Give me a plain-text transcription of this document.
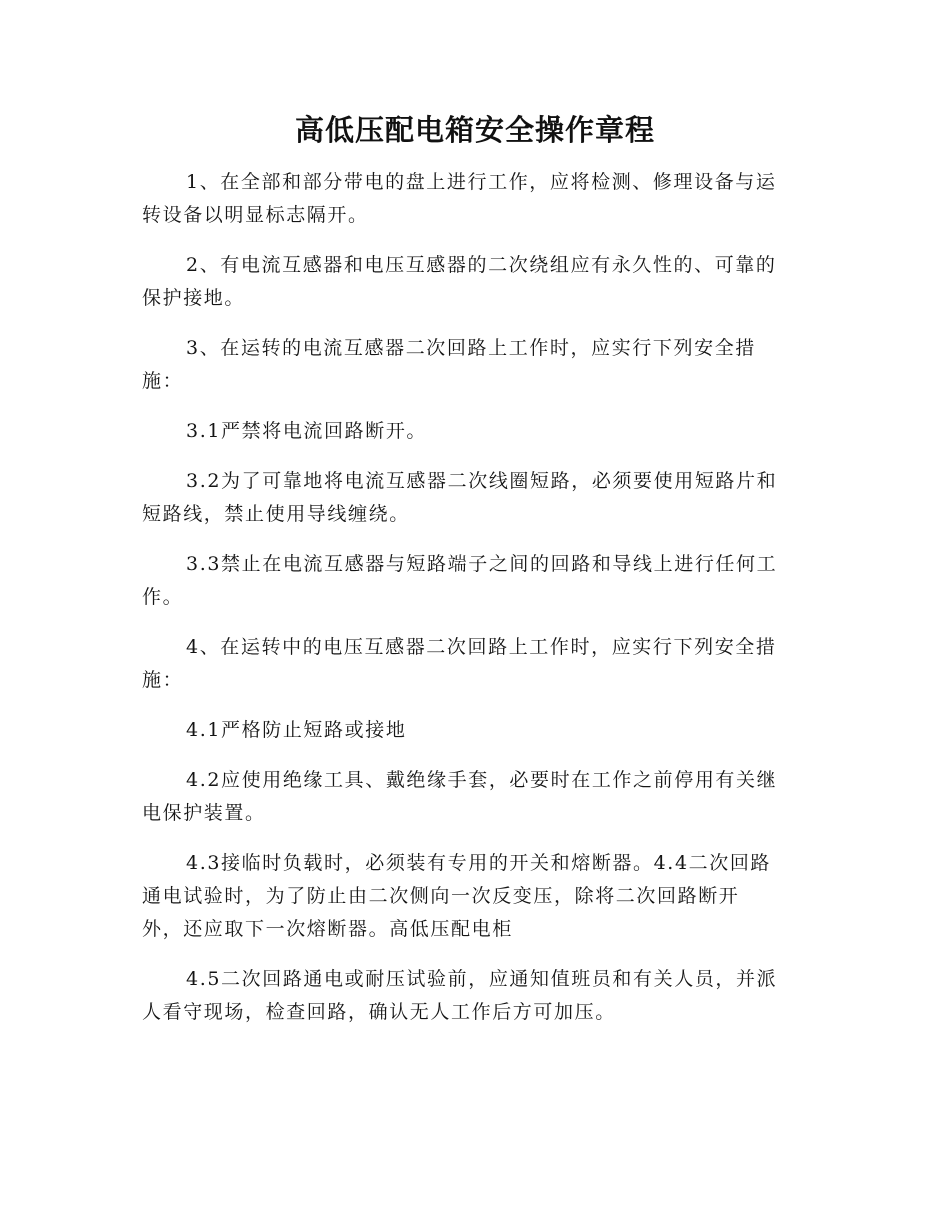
高低压配电箱安全操作章程

1、在全部和部分带电的盘上进行工作，应将检测、修理设备与运
转设备以明显标志隔开。

2、有电流互感器和电压互感器的二次绕组应有永久性的、可靠的
保护接地。

3、在运转的电流互感器二次回路上工作时，应实行下列安全措
施：

3.1严禁将电流回路断开。

3.2为了可靠地将电流互感器二次线圈短路，必须要使用短路片和
短路线，禁止使用导线缠绕。

3.3禁止在电流互感器与短路端子之间的回路和导线上进行任何工
作。

4、在运转中的电压互感器二次回路上工作时，应实行下列安全措
施：

4.1严格防止短路或接地

4.2应使用绝缘工具、戴绝缘手套，必要时在工作之前停用有关继
电保护装置。

4.3接临时负载时，必须装有专用的开关和熔断器。4.4二次回路
通电试验时，为了防止由二次侧向一次反变压，除将二次回路断开
外，还应取下一次熔断器。高低压配电柜

4.5二次回路通电或耐压试验前，应通知值班员和有关人员，并派
人看守现场，检查回路，确认无人工作后方可加压。
